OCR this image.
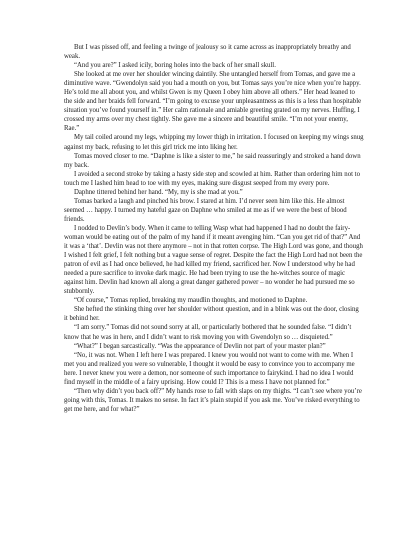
But I was pissed off, and feeling a twinge of jealousy so it came across as inappropriately breathy and weak.

“And you are?” I asked icily, boring holes into the back of her small skull.

She looked at me over her shoulder wincing daintily. She untangled herself from Tomas, and gave me a diminutive wave. “Gwendolyn said you had a mouth on you, but Tomas says you’re nice when you’re happy. He’s told me all about you, and whilst Gwen is my Queen I obey him above all others.” Her head leaned to the side and her braids fell forward. “I’m going to excuse your unpleasantness as this is a less than hospitable situation you’ve found yourself in.” Her calm rationale and amiable greeting grated on my nerves. Huffing, I crossed my arms over my chest tightly. She gave me a sincere and beautiful smile. “I’m not your enemy, Rae.”

My tail coiled around my legs, whipping my lower thigh in irritation. I focused on keeping my wings snug against my back, refusing to let this girl trick me into liking her.

Tomas moved closer to me. “Daphne is like a sister to me,” he said reassuringly and stroked a hand down my back.

I avoided a second stroke by taking a hasty side step and scowled at him. Rather than ordering him not to touch me I lashed him head to toe with my eyes, making sure disgust seeped from my every pore.

Daphne tittered behind her hand. “My, my is she mad at you.”

Tomas barked a laugh and pinched his brow. I stared at him. I’d never seen him like this. He almost seemed … happy. I turned my hateful gaze on Daphne who smiled at me as if we were the best of blood friends.

I nodded to Devlin’s body. When it came to telling Wasp what had happened I had no doubt the fairy-woman would be eating out of the palm of my hand if it meant avenging him. “Can you get rid of that?” And it was a ‘that’. Devlin was not there anymore – not in that rotten corpse. The High Lord was gone, and though I wished I felt grief, I felt nothing but a vague sense of regret. Despite the fact the High Lord had not been the patron of evil as I had once believed, he had killed my friend, sacrificed her. Now I understood why he had needed a pure sacrifice to invoke dark magic. He had been trying to use the he-witches source of magic against him. Devlin had known all along a great danger gathered power – no wonder he had pursued me so stubbornly.

“Of course,” Tomas replied, breaking my maudlin thoughts, and motioned to Daphne.

She hefted the stinking thing over her shoulder without question, and in a blink was out the door, closing it behind her.

“I am sorry.” Tomas did not sound sorry at all, or particularly bothered that he sounded false. “I didn’t know that he was in here, and I didn’t want to risk moving you with Gwendolyn so … disquieted.”

“What?” I began sarcastically. “Was the appearance of Devlin not part of your master plan?”

“No, it was not. When I left here I was prepared. I knew you would not want to come with me. When I met you and realized you were so vulnerable, I thought it would be easy to convince you to accompany me here. I never knew you were a demon, nor someone of such importance to fairykind. I had no idea I would find myself in the middle of a fairy uprising. How could I? This is a mess I have not planned for.”

“Then why didn’t you back off?” My hands rose to fall with slaps on my thighs. “I can’t see where you’re going with this, Tomas. It makes no sense. In fact it’s plain stupid if you ask me. You’ve risked everything to get me here, and for what?”
